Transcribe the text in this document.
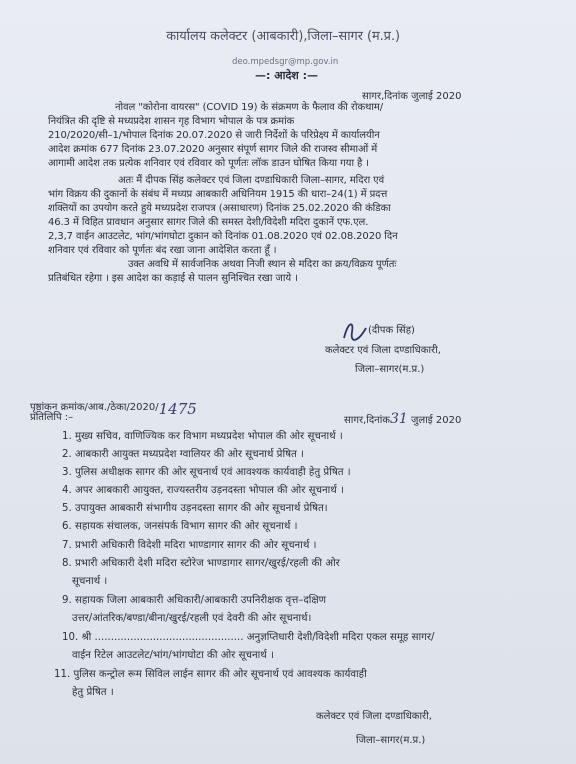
कार्यालय कलेक्टर (आबकारी),जिला–सागर (म.प्र.)
deo.mpedsgr@mp.gov.in
—: आदेश :—
सागर,दिनांक जुलाई 2020
नोवल "कोरोना वायरस" (COVID 19) के संक्रमण के फैलाव की रोकथाम/
नियंत्रित की दृष्टि से मध्यप्रदेश शासन गृह विभाग भोपाल के पत्र क्रमांक
210/2020/सी–1/भोपाल दिनांक 20.07.2020 से जारी निर्देशों के परिप्रेक्ष्य में कार्यालयीन
आदेश क्रमांक 677 दिनांक 23.07.2020 अनुसार संपूर्ण सागर जिले की राजस्व सीमाओं में
आगामी आदेश तक प्रत्येक शनिवार एवं रविवार को पूर्णतः लॉक डाउन घोषित किया गया है ।
अतः मैं दीपक सिंह कलेक्टर एवं जिला दण्डाधिकारी जिला–सागर, मदिरा एवं
भांग विक्रय की दुकानों के संबंध में मध्यप्र आबकारी अधिनियम 1915 की धारा–24(1) में प्रदत्त
शक्तियों का उपयोग करते हुये मध्यप्रदेश राजपत्र (असाधारण) दिनांक 25.02.2020 की कंडिका
46.3 में विहित प्रावधान अनुसार सागर जिले की समस्त देशी/विदेशी मदिरा दुकानें एफ.एल.
2,3,7 वाईन आउटलेट, भांग/भांगघोटा दुकान को दिनांक 01.08.2020 एवं 02.08.2020 दिन
शनिवार एवं रविवार को पूर्णतः बंद रखा जाना आदेशित करता हूँ ।
उक्त अवधि में सार्वजनिक अथवा निजी स्थान से मदिरा का क्रय/विक्रय पूर्णतः
प्रतिबंधित रहेगा । इस आदेश का कड़ाई से पालन सुनिश्चित रखा जाये ।
(दीपक सिंह)
कलेक्टर एवं जिला दण्डाधिकारी,
जिला–सागर(म.प्र.)
पृष्ठांकन क्रमांक/आब./ठेका/2020/1475
प्रतिलिपि :–	सागर,दिनांक31 जुलाई 2020
1. मुख्य सचिव, वाणिज्यिक कर विभाग मध्यप्रदेश भोपाल की ओर सूचनार्थ ।
2. आबकारी आयुक्त मध्यप्रदेश ग्वालियर की ओर सूचनार्थ प्रेषित ।
3. पुलिस अधीक्षक सागर की ओर सूचनार्थ एवं आवश्यक कार्यवाही हेतु प्रेषित ।
4. अपर आबकारी आयुक्त, राज्यस्तरीय उड़नदस्ता भोपाल की ओर सूचनार्थ ।
5. उपायुक्त आबकारी संभागीय उड़नदस्ता सागर की ओर सूचनार्थ प्रेषित।
6. सहायक संचालक, जनसंपर्क विभाग सागर की ओर सूचनार्थ ।
7. प्रभारी अधिकारी विदेशी मदिरा भाण्डागार सागर की ओर सूचनार्थ ।
8. प्रभारी अधिकारी देशी मदिरा स्टोरेज भाण्डागार सागर/खुरई/रहली की ओर
सूचनार्थ ।
9. सहायक जिला आबकारी अधिकारी/आबकारी उपनिरीक्षक वृत्त–दक्षिण
उत्तर/आंतरिक/बण्डा/बीना/खुरई/रहली एवं देवरी की ओर सूचनार्थ।
10. श्री .............................................. अनुज्ञप्तिधारी देशी/विदेशी मदिरा एकल समूह सागर/
वाईन रिटेल आउटलेट/भांग/भांगघोटा की ओर सूचनार्थ ।
11. पुलिस कन्ट्रोल रूम सिविल लाईन सागर की ओर सूचनार्थ एवं आवश्यक कार्यवाही
हेतु प्रेषित ।
कलेक्टर एवं जिला दण्डाधिकारी,
जिला–सागर(म.प्र.)
